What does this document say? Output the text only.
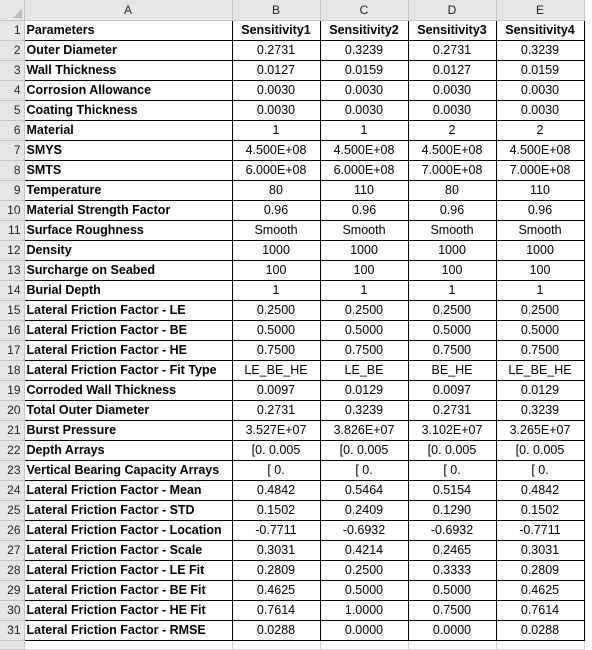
	A	B	C	D	E
1	Parameters	Sensitivity1	Sensitivity2	Sensitivity3	Sensitivity4
2	Outer Diameter	0.2731	0.3239	0.2731	0.3239
3	Wall Thickness	0.0127	0.0159	0.0127	0.0159
4	Corrosion Allowance	0.0030	0.0030	0.0030	0.0030
5	Coating Thickness	0.0030	0.0030	0.0030	0.0030
6	Material	1	1	2	2
7	SMYS	4.500E+08	4.500E+08	4.500E+08	4.500E+08
8	SMTS	6.000E+08	6.000E+08	7.000E+08	7.000E+08
9	Temperature	80	110	80	110
10	Material Strength Factor	0.96	0.96	0.96	0.96
11	Surface Roughness	Smooth	Smooth	Smooth	Smooth
12	Density	1000	1000	1000	1000
13	Surcharge on Seabed	100	100	100	100
14	Burial Depth	1	1	1	1
15	Lateral Friction Factor - LE	0.2500	0.2500	0.2500	0.2500
16	Lateral Friction Factor - BE	0.5000	0.5000	0.5000	0.5000
17	Lateral Friction Factor - HE	0.7500	0.7500	0.7500	0.7500
18	Lateral Friction Factor - Fit Type	LE_BE_HE	LE_BE	BE_HE	LE_BE_HE
19	Corroded Wall Thickness	0.0097	0.0129	0.0097	0.0129
20	Total Outer Diameter	0.2731	0.3239	0.2731	0.3239
21	Burst Pressure	3.527E+07	3.826E+07	3.102E+07	3.265E+07
22	Depth Arrays	[0. 0.005	[0. 0.005	[0. 0.005	[0. 0.005
23	Vertical Bearing Capacity Arrays	[ 0.	[ 0.	[ 0.	[ 0.
24	Lateral Friction Factor - Mean	0.4842	0.5464	0.5154	0.4842
25	Lateral Friction Factor - STD	0.1502	0.2409	0.1290	0.1502
26	Lateral Friction Factor - Location	-0.7711	-0.6932	-0.6932	-0.7711
27	Lateral Friction Factor - Scale	0.3031	0.4214	0.2465	0.3031
28	Lateral Friction Factor - LE Fit	0.2809	0.2500	0.3333	0.2809
29	Lateral Friction Factor - BE Fit	0.4625	0.5000	0.5000	0.4625
30	Lateral Friction Factor - HE Fit	0.7614	1.0000	0.7500	0.7614
31	Lateral Friction Factor - RMSE	0.0288	0.0000	0.0000	0.0288
